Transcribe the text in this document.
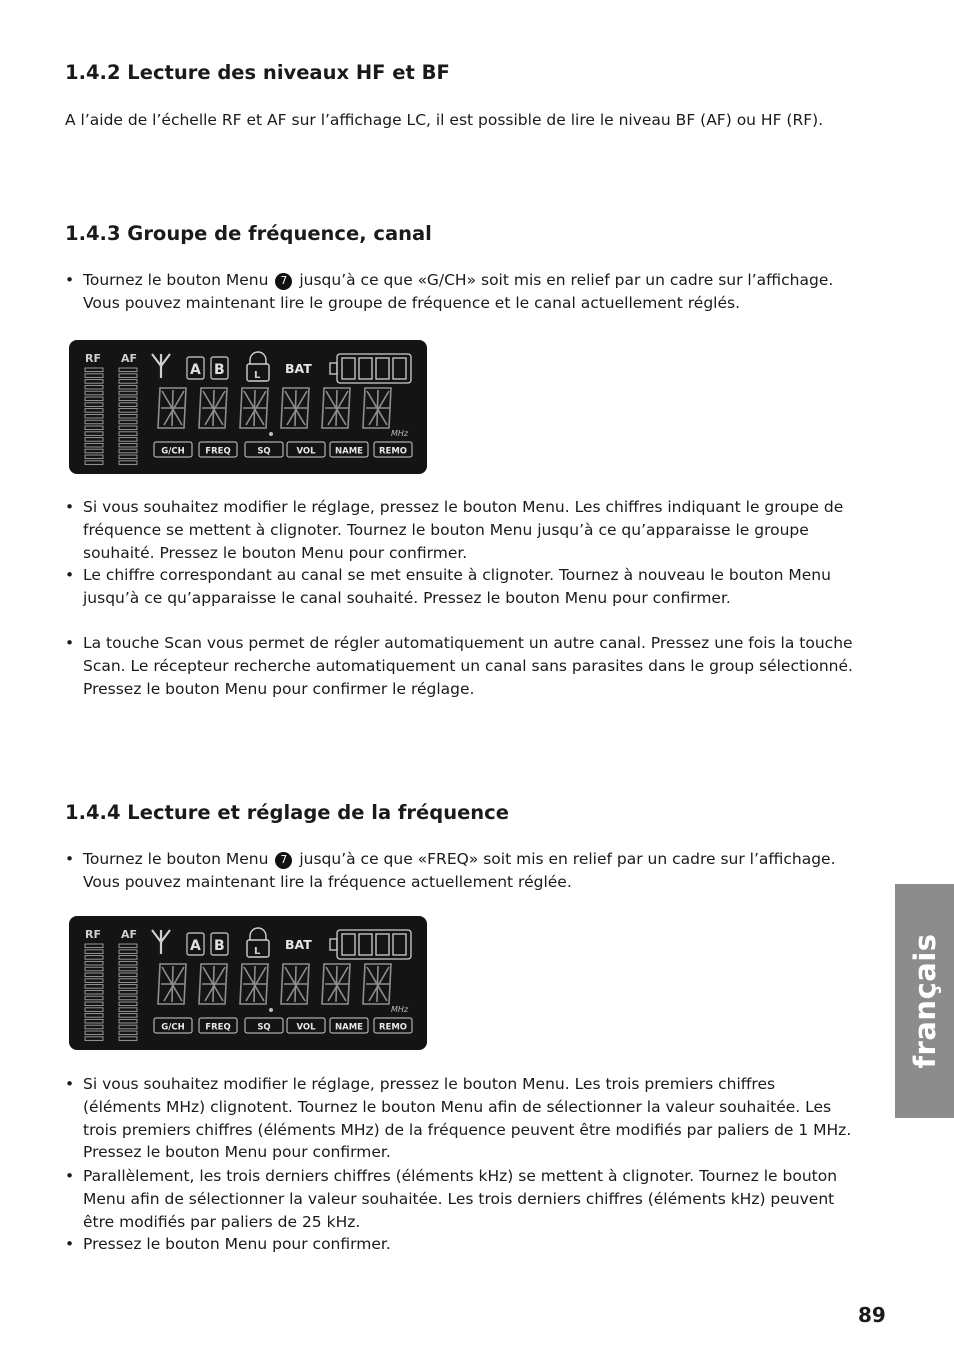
1.4.2 Lecture des niveaux HF et BF

A l’aide de l’échelle RF et AF sur l’affichage LC, il est possible de lire le niveau BF (AF) ou HF (RF).

1.4.3 Groupe de fréquence, canal

• Tournez le bouton Menu 7 jusqu’à ce que «G/CH» soit mis en relief par un cadre sur l’affichage. Vous pouvez maintenant lire le groupe de fréquence et le canal actuellement réglés.

RF AF
A B	L BAT
MHz
G/CH FREQ	SQ	VOL NAME REMO

• Si vous souhaitez modifier le réglage, pressez le bouton Menu. Les chiffres indiquant le groupe de fréquence se mettent à clignoter. Tournez le bouton Menu jusqu’à ce qu’apparaisse le groupe souhaité. Pressez le bouton Menu pour confirmer.

• Le chiffre correspondant au canal se met ensuite à clignoter. Tournez à nouveau le bouton Menu jusqu’à ce qu’apparaisse le canal souhaité. Pressez le bouton Menu pour confirmer.

• La touche Scan vous permet de régler automatiquement un autre canal. Pressez une fois la touche Scan. Le récepteur recherche automatiquement un canal sans parasites dans le group sélectionné. Pressez le bouton Menu pour confirmer le réglage.

1.4.4 Lecture et réglage de la fréquence

• Tournez le bouton Menu 7 jusqu’à ce que «FREQ» soit mis en relief par un cadre sur l’affichage. Vous pouvez maintenant lire la fréquence actuellement réglée.

RF AF
A B	L BAT
MHz
G/CH FREQ	SQ	VOL NAME REMO

• Si vous souhaitez modifier le réglage, pressez le bouton Menu. Les trois premiers chiffres (éléments MHz) clignotent. Tournez le bouton Menu afin de sélectionner la valeur souhaitée. Les trois premiers chiffres (éléments MHz) de la fréquence peuvent être modifiés par paliers de 1 MHz. Pressez le bouton Menu pour confirmer.

• Parallèlement, les trois derniers chiffres (éléments kHz) se mettent à clignoter. Tournez le bouton Menu afin de sélectionner la valeur souhaitée. Les trois derniers chiffres (éléments kHz) peuvent être modifiés par paliers de 25 kHz.

• Pressez le bouton Menu pour confirmer.

français
89
